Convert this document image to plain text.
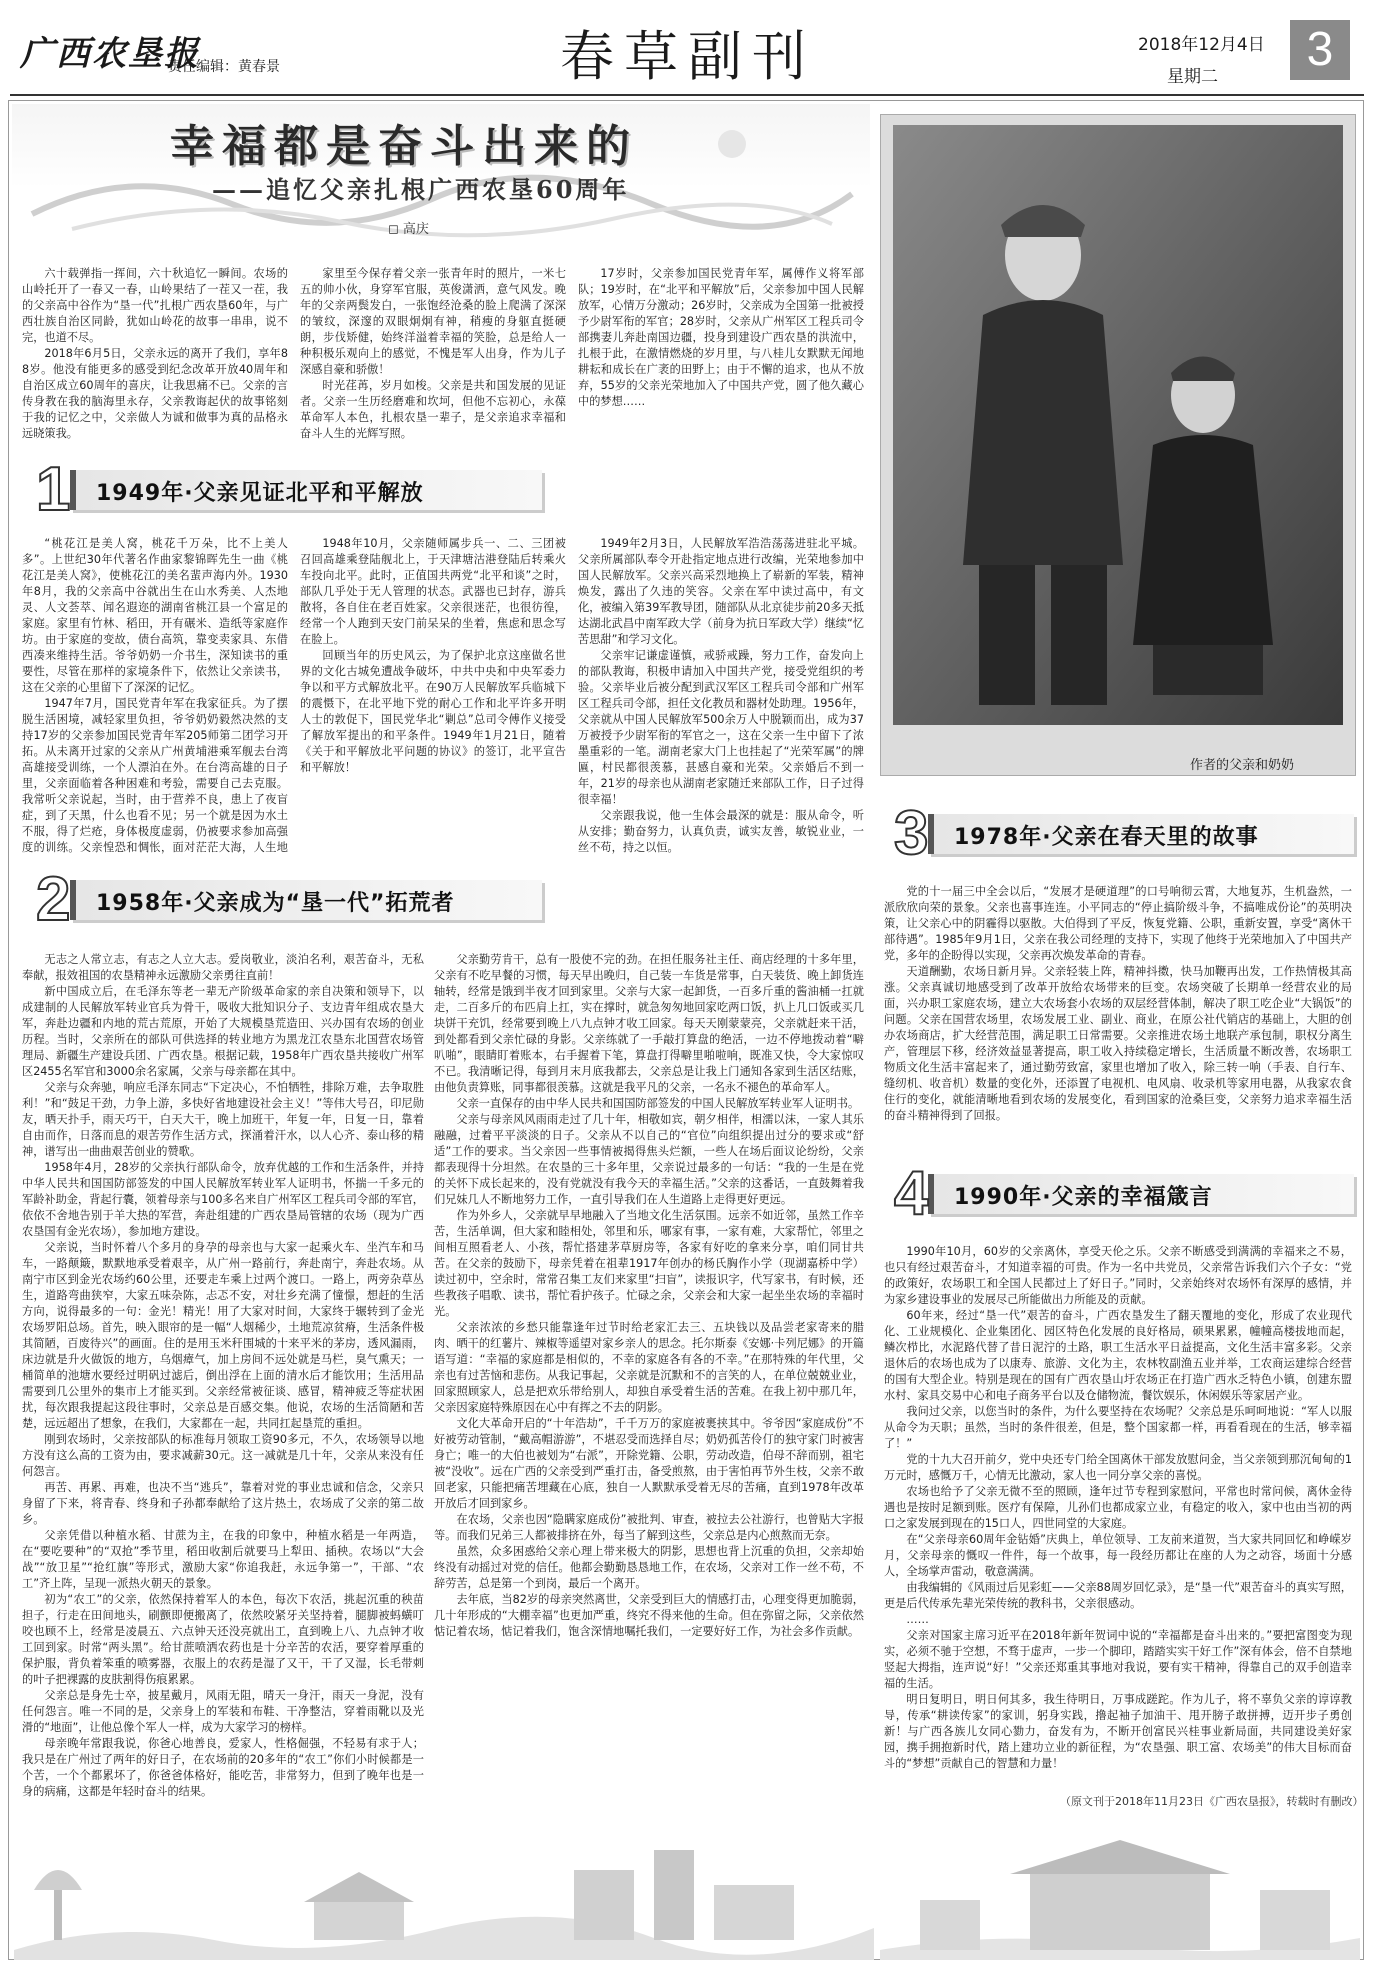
广西农垦报
责任编辑：黄春景	春草副刊	2018年12月4日
星期二
3
幸福都是奋斗出来的
——追忆父亲扎根广西农垦60周年
◻ 高庆

六十载弹指一挥间，六十秋追忆一瞬间。农场的山岭托开了一春又一春，山岭果结了一茬又一茬，我的父亲高中谷作为“垦一代”扎根广西农垦60年，与广西壮族自治区同龄，犹如山岭花的故事一串串，说不完，也道不尽。

2018年6月5日，父亲永远的离开了我们，享年88岁。他没有能更多的感受到纪念改革开放40周年和自治区成立60周年的喜庆，让我思痛不已。父亲的言传身教在我的脑海里永存，父亲教诲起伏的故事铭刻于我的记忆之中，父亲做人为诚和做事为真的品格永远晓策我。

家里至今保存着父亲一张青年时的照片，一米七五的帅小伙，身穿军官服，英俊潇洒，意气风发。晚年的父亲两鬓发白，一张饱经沧桑的脸上爬满了深深的皱纹，深邃的双眼炯炯有神，稍瘦的身躯直挺硬朗，步伐矫健，始终洋溢着幸福的笑脸，总是给人一种积极乐观向上的感觉，不愧是军人出身，作为儿子深感自豪和骄傲！

时光荏苒，岁月如梭。父亲是共和国发展的见证者。父亲一生历经磨难和坎坷，但他不忘初心，永葆革命军人本色，扎根农垦一辈子，是父亲追求幸福和奋斗人生的光辉写照。

17岁时，父亲参加国民党青年军，属傅作义将军部队；19岁时，在“北平和平解放”后，父亲参加中国人民解放军，心情万分激动；26岁时，父亲成为全国第一批被授予少尉军衔的军官；28岁时，父亲从广州军区工程兵司令部携妻儿奔赴南国边疆，投身到建设广西农垦的洪流中，扎根于此，在激情燃烧的岁月里，与八桂儿女默默无闻地耕耘和成长在广袤的田野上；由于不懈的追求，也从不放弃，55岁的父亲光荣地加入了中国共产党，圆了他久藏心中的梦想……

1 1949年·父亲见证北平和平解放

“桃花江是美人窝，桃花千万朵，比不上美人多”。上世纪30年代著名作曲家黎锦晖先生一曲《桃花江是美人窝》，使桃花江的美名蜚声海内外。1930年8月，我的父亲高中谷就出生在山水秀美、人杰地灵、人文荟萃、闻名遐迩的湖南省桃江县一个富足的家庭。家里有竹林、稻田，开有碾米、造纸等家庭作坊。由于家庭的变故，债台高筑，靠变卖家具、东借西凑来维持生活。爷爷奶奶一介书生，深知读书的重要性，尽管在那样的家境条件下，依然让父亲读书，这在父亲的心里留下了深深的记忆。

1947年7月，国民党青年军在我家征兵。为了摆脱生活困境，减轻家里负担，爷爷奶奶毅然决然的支持17岁的父亲参加国民党青年军205师第二团学习开拓。从未离开过家的父亲从广州黄埔港乘军舰去台湾高雄接受训练，一个人漂泊在外。在台湾高雄的日子里，父亲面临着各种困难和考验，需要自己去克服。我常听父亲说起，当时，由于营养不良，患上了夜盲症，到了天黑，什么也看不见；另一个就是因为水土不服，得了烂疮，身体极度虚弱，仍被要求参加高强度的训练。父亲惶恐和惆怅，面对茫茫大海，人生地

1948年10月，父亲随师属步兵一、二、三团被召回高雄乘登陆舰北上，于天津塘沽港登陆后转乘火车投向北平。此时，正值国共两党“北平和谈”之时，部队几乎处于无人管理的状态。武器也已封存，游兵散将，各自住在老百姓家。父亲很迷茫，也很彷徨，经常一个人跑到天安门前呆呆的坐着，焦虑和思念写在脸上。

回顾当年的历史风云，为了保护北京这座做名世界的文化古城免遭战争破坏，中共中央和中央军委力争以和平方式解放北平。在90万人民解放军兵临城下的震慑下，在北平地下党的耐心工作和北平许多开明人士的敦促下，国民党华北“剿总”总司令傅作义接受了解放军提出的和平条件。1949年1月21日，随着《关于和平解放北平问题的协议》的签订，北平宣告和平解放！

1949年2月3日，人民解放军浩浩荡荡进驻北平城。父亲所属部队奉令开赴指定地点进行改编，光荣地参加中国人民解放军。父亲兴高采烈地换上了崭新的军装，精神焕发，露出了久违的笑容。父亲在军中读过高中，有文化，被编入第39军教导团，随部队从北京徒步前20多天抵达湖北武昌中南军政大学（前身为抗日军政大学）继续“忆苦思甜”和学习文化。

父亲牢记谦虚谨慎，戒骄戒躁，努力工作，奋发向上的部队教诲，积极申请加入中国共产党，接受党组织的考验。父亲毕业后被分配到武汉军区工程兵司令部和广州军区工程兵司令部，担任文化教员和器材处助理。1956年，父亲就从中国人民解放军500余万人中脱颖而出，成为37万被授予少尉军衔的军官之一，这在父亲一生中留下了浓墨重彩的一笔。湖南老家大门上也挂起了“光荣军属”的牌匾，村民都很羡慕，甚感自豪和光荣。父亲婚后不到一年，21岁的母亲也从湖南老家随迁来部队工作，日子过得很幸福！

父亲跟我说，他一生体会最深的就是：服从命令，听从安排；勤奋努力，认真负责，诚实友善，敏锐业业，一丝不苟，持之以恒。

2 1958年·父亲成为“垦一代”拓荒者

无志之人常立志，有志之人立大志。爱岗敬业，淡泊名利，艰苦奋斗，无私奉献，报效祖国的农垦精神永远激励父亲勇往直前！

新中国成立后，在毛泽东等老一辈无产阶级革命家的亲自决策和领导下，以成建制的人民解放军转业官兵为骨干，吸收大批知识分子、支边青年组成农垦大军，奔赴边疆和内地的荒古荒原，开始了大规模垦荒造田、兴办国有农场的创业历程。当时，父亲所在的部队可供选择的转业地方为黑龙江农垦东北国营农场管理局、新疆生产建设兵团、广西农垦。根据记载，1958年广西农垦共接收广州军区2455名军官和3000余名家属，父亲与母亲都在其中。

父亲与众奔驰，响应毛泽东同志“下定决心，不怕牺牲，排除万难，去争取胜利！”和“鼓足干劲，力争上游，多快好省地建设社会主义！”等伟大号召，印尼勋友，晒天扑手，雨天巧干，白天大干，晚上加班干，年复一年，日复一日，靠着自由而作，日落而息的艰苦劳作生活方式，探涌着汗水，以人心齐、泰山移的精神，谱写出一曲曲艰苦创业的赞歌。

1958年4月，28岁的父亲执行部队命令，放弃优越的工作和生活条件，并持中华人民共和国国防部签发的中国人民解放军转业军人证明书，怀揣一千多元的军龄补助金，背起行囊，领着母亲与100多名来自广州军区工程兵司令部的军官，依依不舍地告别于羊大热的军营，奔赴组建的广西农垦局管辖的农场（现为广西农垦国有金光农场），参加地方建设。

父亲说，当时怀着八个多月的身孕的母亲也与大家一起乘火车、坐汽车和马车，一路颠簸，默默地承受着艰辛，从广州一路前行，奔赴南宁，奔赴农场。从南宁市区到金光农场约60公里，还要走车乘上过两个渡口。一路上，两旁杂草丛生，道路弯曲狭窄，大家五味杂陈，忐忑不安，对壮乡充满了憧憬，想赶的生活方向，说得最多的一句：金光！精光！用了大家对时间，大家终于辗转到了金光农场罗阳总场。首先，映入眼帘的是一幅“人烟稀少，土地荒凉贫瘠，生活条件极其简陋，百废待兴”的画面。住的是用玉米秆围城的十来平米的茅房，透风漏雨，床边就是升火做饭的地方，乌烟瘴气，加上房间不远处就是马栏，臭气熏天；一桶简单的池塘水要经过明矾过滤后，倒出浮在上面的清水后才能饮用；生活用品需要到几公里外的集市上才能买到。父亲经常被征谈、感冒，精神疲乏等症状困扰，每次跟我提起这段往事时，父亲总是百感交集。他说，农场的生活简陋和苦楚，远远超出了想象，在我们，大家都在一起，共同扛起垦荒的重担。

刚到农场时，父亲按部队的标准每月领取工资90多元，不久，农场领导以地方没有这么高的工资为由，要求减薪30元。这一减就是几十年，父亲从来没有任何怨言。

再苦、再累、再难，也决不当“逃兵”，靠着对党的事业忠诚和信念，父亲只身留了下来，将青春、终身和子孙都奉献给了这片热土，农场成了父亲的第二故乡。

父亲凭借以种植水稻、甘蔗为主，在我的印象中，种植水稻是一年两造，在“要吃要种”的“双抢”季节里，稻田收割后就要马上犁田、插秧。农场以“大会战”“放卫星”“抢红旗”等形式，激励大家“你追我赶，永远争第一”，干部、“农工”齐上阵，呈现一派热火朝天的景象。

初为“农工”的父亲，依然保持着军人的本色，每次下农活，挑起沉重的秧苗担子，行走在田间地头，刷颤即便搬离了，依然咬紧牙关坚持着，腿脚被蚂蟥叮咬也顾不上，经常是凌晨五、六点钟天还没亮就出工，直到晚上八、九点钟才收工回到家。时常“两头黑”。给甘蔗喷洒农药也是十分辛苦的农活，要穿着厚重的保护服，背负着笨重的喷雾器，衣服上的农药是湿了又干，干了又湿，长毛带刺的叶子把裸露的皮肤割得伤痕累累。

父亲总是身先士卒，披星戴月，风雨无阻，晴天一身汗，雨天一身泥，没有任何怨言。唯一不同的是，父亲身上的军装和布鞋、干净整洁，穿着雨靴以及光滑的“地面”，让他总像个军人一样，成为大家学习的榜样。

母亲晚年常跟我说，你爸心地善良，爱家人，性格倔强，不轻易有求于人；我只是在广州过了两年的好日子，在农场前的20多年的“农工”你们小时候都是一个苦，一个个都累坏了，你爸爸体格好，能吃苦，非常努力，但到了晚年也是一身的病痛，这都是年轻时奋斗的结果。

父亲勤劳肯干，总有一股使不完的劲。在担任服务社主任、商店经理的十多年里，父亲有不吃早餐的习惯，每天早出晚归，自己装一车货是常事，白天装货、晚上卸货连轴转，经常是饿到半夜才回到家里。父亲与大家一起卸货，一百多斤重的酱油桶一扛就走，二百多斤的布匹肩上扛，实在撑时，就急匆匆地回家吃两口饭，扒上几口饭或买几块饼干充饥，经常要到晚上八九点钟才收工回家。每天天刚蒙蒙亮，父亲就赶来干活，到处都看到父亲忙碌的身影。父亲练就了一手敲打算盘的绝活，一边不停地拨动着“噼叭啪”，眼睛盯着账本，右手握着下笔，算盘打得噼里啪啦响，既准又快，令大家惊叹不已。我清晰记得，每到月末月底我都去，父亲总是让我上门通知各家到生活区结账，由他负责算账，同事都很羡慕。这就是我平凡的父亲，一名永不褪色的革命军人。

父亲一直保存的由中华人民共和国国防部签发的中国人民解放军转业军人证明书。

父亲与母亲风风雨雨走过了几十年，相敬如宾，朝夕相伴，相濡以沫，一家人其乐融融，过着平平淡淡的日子。父亲从不以自己的“官位”向组织提出过分的要求或“舒适”工作的要求。当父亲因一些事情被揭得焦头烂额，一些人在场后面议论纷纷，父亲都表现得十分坦然。在农垦的三十多年里，父亲说过最多的一句话：“我的一生是在党的关怀下成长起来的，没有党就没有我今天的幸福生活。”父亲的这番话，一直鼓舞着我们兄妹几人不断地努力工作，一直引导我们在人生道路上走得更好更远。

作为外乡人，父亲就早早地融入了当地文化生活氛围。远亲不如近邻，虽然工作辛苦，生活单调，但大家和睦相处，邻里和乐，哪家有事，一家有难，大家帮忙，邻里之间相互照看老人、小孩，帮忙搭建茅草厨房等，各家有好吃的拿来分享，咱们同甘共苦。在父亲的鼓励下，母亲凭着在祖辈1917年创办的杨氏胸作小学（现湖嘉桥中学）读过初中，空余时，常常召集工友们来家里“扫盲”，读报识字，代写家书，有时候，还些教孩子唱歌、读书，帮忙看护孩子。忙碌之余，父亲会和大家一起坐坐农场的幸福时光。

父亲浓浓的乡愁只能靠逢年过节时给老家汇去三、五块钱以及品尝老家寄来的腊肉、晒干的红薯片、辣椒等遥望对家乡亲人的思念。托尔斯泰《安娜·卡列尼娜》的开篇语写道：“幸福的家庭都是相似的，不幸的家庭各有各的不幸。”在那特殊的年代里，父亲也有过苦恼和悲伤。从我记事起，父亲就是沉默和不的言笑的人，在单位兢兢业业，回家照顾家人，总是把欢乐带给别人，却独自承受着生活的苦难。在我上初中那几年，父亲因家庭特殊原因在心中有挥之不去的阴影。

文化大革命开启的“十年浩劫”，千千万万的家庭被裹挟其中。爷爷因“家庭成份”不好被劳动管制，“戴高帽游游”，不堪忍受而选择自尽；奶奶孤苦伶仃的独守家门时被害身亡；唯一的大伯也被划为“右派”，开除党籍、公职，劳动改造，伯母不辞而别，祖宅被“没收”。远在广西的父亲受到严重打击，备受煎熬，由于害怕再节外生枝，父亲不敢回老家，只能把痛苦埋藏在心底，独自一人默默承受着无尽的苦痛，直到1978年改革开放后才回到家乡。

在农场，父亲也因“隐瞒家庭成份”被批判、审查，被拉去公社游行，也曾贴大字报等。而我们兄弟三人都被排挤在外，每当了解到这些，父亲总是内心煎熬而无奈。

虽然，众多困惑给父亲心理上带来极大的阴影，思想也背上沉重的负担，父亲却始终没有动摇过对党的信任。他都会勤勤恳恳地工作，在农场，父亲对工作一丝不苟，不辞劳苦，总是第一个到岗，最后一个离开。

去年底，当82岁的母亲突然离世，父亲受到巨大的情感打击，心理变得更加脆弱，几十年形成的“大棚幸福”也更加严重，终究不得来他的生命。但在弥留之际，父亲依然惦记着农场，惦记着我们，饱含深情地嘱托我们，一定要好好工作，为社会多作贡献。

作者的父亲和奶奶
3 1978年·父亲在春天里的故事

党的十一届三中全会以后，“发展才是硬道理”的口号响彻云霄，大地复苏，生机盎然，一派欣欣向荣的景象。父亲也喜事连连。小平同志的“停止搞阶级斗争，不搞唯成份论”的英明决策，让父亲心中的阴霾得以驱散。大伯得到了平反，恢复党籍、公职，重新安置，享受“离休干部待遇”。1985年9月1日，父亲在我公司经理的支持下，实现了他终于光荣地加入了中国共产党，多年的企盼得以实现，父亲再次焕发革命的青春。

天道酬勤，农场日新月异。父亲轻装上阵，精神抖擞，快马加鞭再出发，工作热情极其高涨。父亲真诚切地感受到了改革开放给农场带来的巨变。农场突破了长期单一经营农业的局面，兴办职工家庭农场，建立大农场套小农场的双层经营体制，解决了职工吃企业“大锅饭”的问题。父亲在国营农场里，农场发展工业、副业、商业，在原公社代销店的基础上，大胆的创办农场商店，扩大经营范围，满足职工日常需要。父亲推进农场土地联产承包制，职权分离生产，管理层下移，经济效益显著提高，职工收入持续稳定增长，生活质量不断改善，农场职工物质文化生活丰富起来了，通过勤劳致富，家里也增加了收入，除三转一响（手表、自行车、缝纫机、收音机）数量的变化外，还添置了电视机、电风扇、收录机等家用电器，从我家农食住行的变化，就能清晰地看到农场的发展变化，看到国家的沧桑巨变，父亲努力追求幸福生活的奋斗精神得到了回报。

4 1990年·父亲的幸福箴言

1990年10月，60岁的父亲离休，享受天伦之乐。父亲不断感受到满满的幸福来之不易，也只有经过艰苦奋斗，才知道幸福的可贵。作为一名中共党员，父亲常告诉我们六个子女：“党的政策好，农场职工和全国人民都过上了好日子。”同时，父亲始终对农场怀有深厚的感情，并为家乡建设事业的发展尽己所能做出力所能及的贡献。

60年来，经过“垦一代”艰苦的奋斗，广西农垦发生了翻天覆地的变化，形成了农业现代化、工业规模化、企业集团化、园区特色化发展的良好格局，硕果累累，幢幢高楼拔地而起，鳞次栉比，水泥路代替了昔日泥泞的土路，职工生活水平日益提高，文化生活丰富多彩。父亲退休后的农场也成为了以康寿、旅游、文化为主，农林牧副渔五业并举，工农商运建综合经营的国有大型企业。特别是现在的国有广西农垦山圩农场正在打造广西水乏特色小镇，创建东盟水村、家具交易中心和电子商务平台以及仓储物流，餐饮娱乐，休闲娱乐等家居产业。

我问过父亲，以您当时的条件，为什么要坚持在农场呢？父亲总是乐呵呵地说：“军人以服从命令为天职；虽然，当时的条件很差，但是，整个国家都一样，再看看现在的生活，够幸福了！”

党的十九大召开前夕，党中央还专门给全国离休干部发放慰问金，当父亲领到那沉甸甸的1万元时，感慨万千，心情无比激动，家人也一同分享父亲的喜悦。

农场也给予了父亲无微不至的照顾，逢年过节专程到家慰问，平常也时常问候，离休金待遇也是按时足额到账。医疗有保障，儿孙们也都成家立业，有稳定的收入，家中也由当初的两口之家发展到现在的15口人，四世同堂的大家庭。

在“父亲母亲60周年金钻婚”庆典上，单位领导、工友前来道贺，当大家共同回忆和峥嵘岁月，父亲母亲的慨叹一件件，每一个故事，每一段经历都让在座的人为之动容，场面十分感人，全场掌声雷动，敬意满满。

由我编辑的《风雨过后见彩虹——父亲88周岁回忆录》，是“垦一代”艰苦奋斗的真实写照，更是后代传承先辈光荣传统的教科书，父亲很感动。

……

父亲对国家主席习近平在2018年新年贺词中说的“幸福都是奋斗出来的。”要把富图变为现实，必须不驰于空想，不骛于虚声，一步一个脚印，踏踏实实干好工作”深有体会，倍不自禁地竖起大拇指，连声说“好！”父亲还郑重其事地对我说，要有实干精神，得靠自己的双手创造幸福的生活。

明日复明日，明日何其多，我生待明日，万事成蹉跎。作为儿子，将不辜负父亲的谆谆教导，传承“耕读传家”的家训，躬身实践，撸起袖子加油干、甩开膀子敢拼搏，迈开步子勇创新！与广西各族儿女同心勠力，奋发有为，不断开创富民兴桂事业新局面，共同建设美好家园，携手拥抱新时代，踏上建功立业的新征程，为“农垦强、职工富、农场美”的伟大目标而奋斗的“梦想”贡献自己的智慧和力量！

（原文刊于2018年11月23日《广西农垦报》，转载时有删改）
